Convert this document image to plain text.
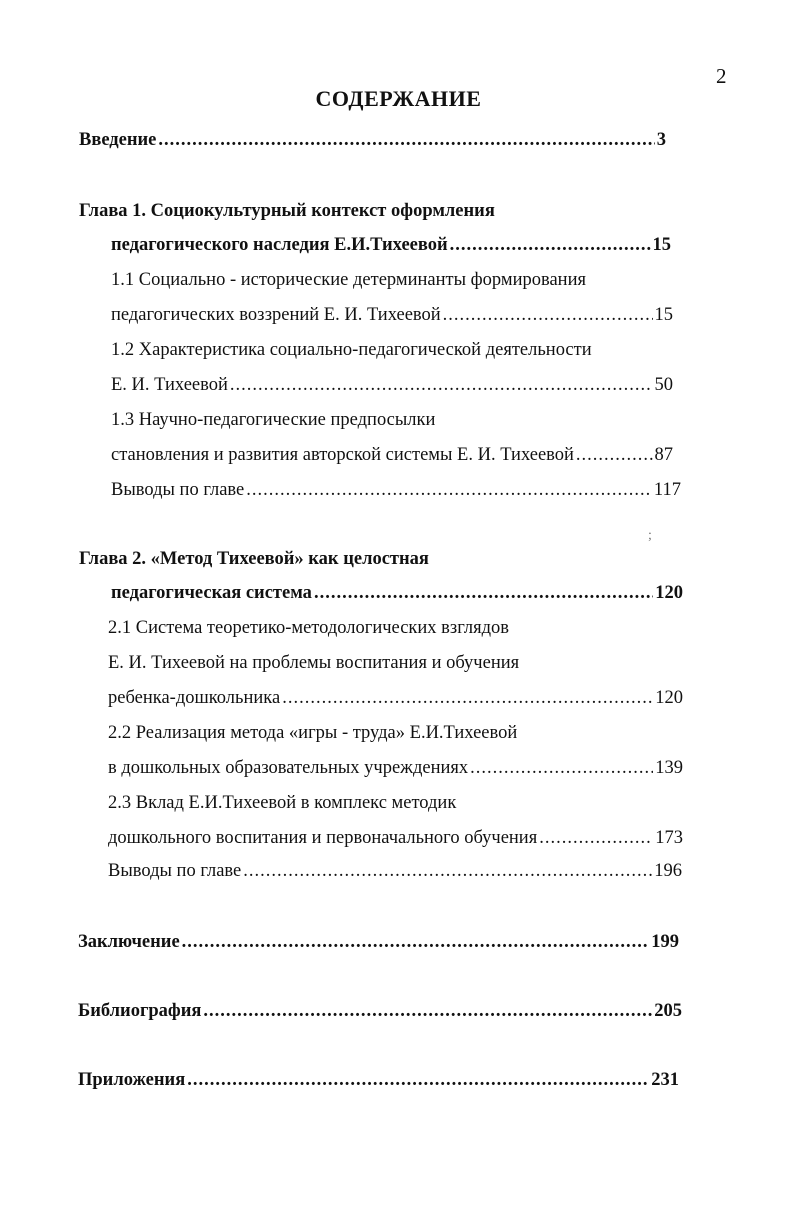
2
СОДЕРЖАНИЕ
Введение .....	3
Глава 1. Социокультурный контекст оформления
педагогического наследия Е.И.Тихеевой .....	15
1.1 Социально - исторические детерминанты формирования
педагогических воззрений Е. И. Тихеевой .....	15
1.2 Характеристика социально-педагогической деятельности
Е. И. Тихеевой .....	50
1.3 Научно-педагогические предпосылки
становления и развития авторской системы Е. И. Тихеевой .....	87
Выводы по главе .....	117
Глава 2. «Метод Тихеевой» как целостная
педагогическая система .....	120
2.1 Система теоретико-методологических взглядов
Е. И. Тихеевой на проблемы воспитания и обучения
ребенка-дошкольника .....	120
2.2 Реализация метода «игры - труда» Е.И.Тихеевой
в дошкольных образовательных учреждениях .....	139
2.3 Вклад Е.И.Тихеевой в комплекс методик
дошкольного воспитания и первоначального обучения .....	173
Выводы по главе .....	196
Заключение .....	199
Библиография .....	205
Приложения .....	231
;
